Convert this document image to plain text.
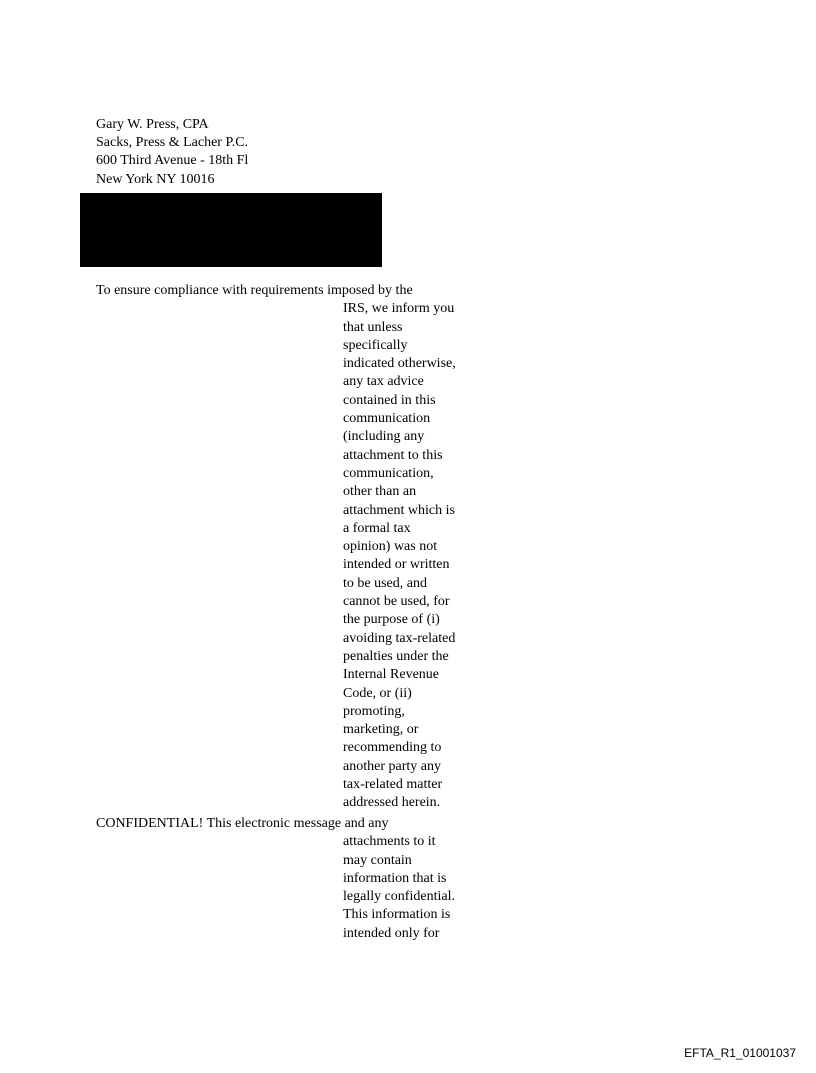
Gary W. Press, CPA
Sacks, Press & Lacher P.C.
600 Third Avenue - 18th Fl
New York NY 10016
To ensure compliance with requirements imposed by the
IRS, we inform you
that unless
specifically
indicated otherwise,
any tax advice
contained in this
communication
(including any
attachment to this
communication,
other than an
attachment which is
a formal tax
opinion) was not
intended or written
to be used, and
cannot be used, for
the purpose of (i)
avoiding tax-related
penalties under the
Internal Revenue
Code, or (ii)
promoting,
marketing, or
recommending to
another party any
tax-related matter
addressed herein.
CONFIDENTIAL! This electronic message and any
attachments to it
may contain
information that is
legally confidential.
This information is
intended only for
EFTA_R1_01001037
